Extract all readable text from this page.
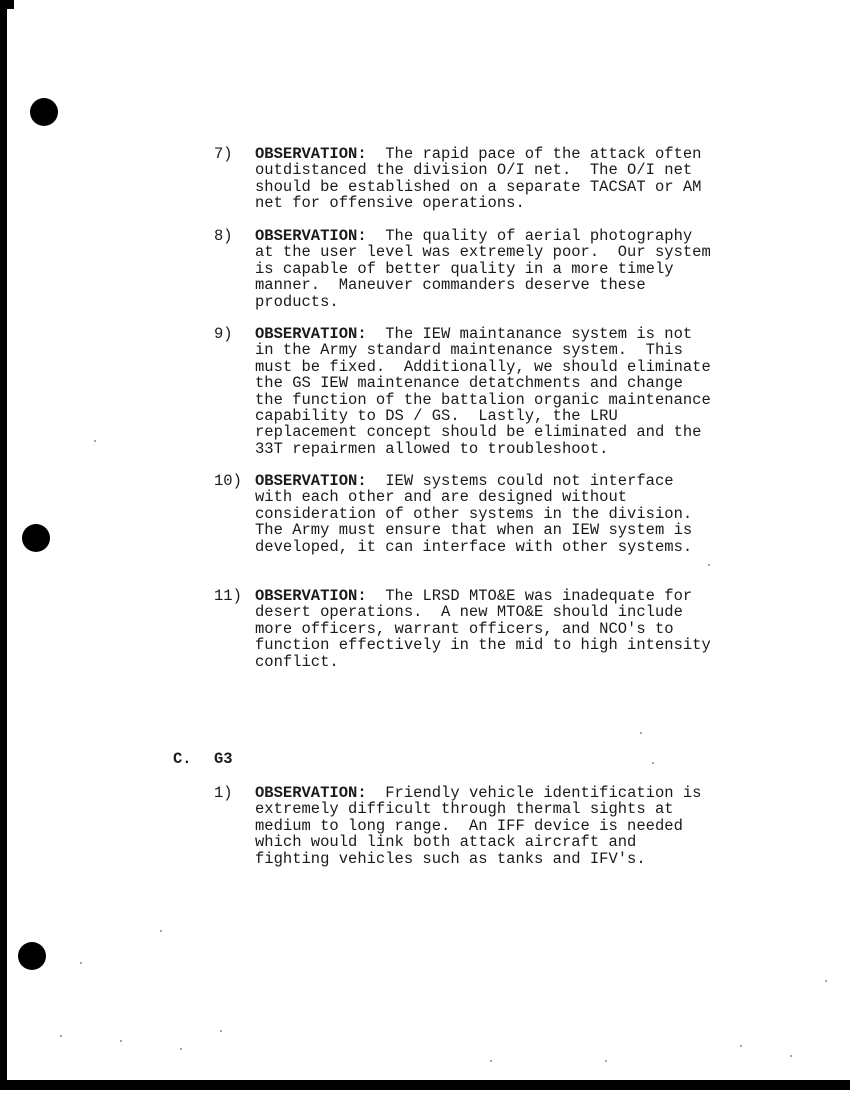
7) OBSERVATION: The rapid pace of the attack often
outdistanced the division O/I net.  The O/I net
should be established on a separate TACSAT or AM
net for offensive operations.
8) OBSERVATION: The quality of aerial photography
at the user level was extremely poor.  Our system
is capable of better quality in a more timely
manner.  Maneuver commanders deserve these
products.
9) OBSERVATION: The IEW maintanance system is not
in the Army standard maintenance system.  This
must be fixed.  Additionally, we should eliminate
the GS IEW maintenance detatchments and change
the function of the battalion organic maintenance
capability to DS / GS.  Lastly, the LRU
replacement concept should be eliminated and the
33T repairmen allowed to troubleshoot.
10) OBSERVATION: IEW systems could not interface
with each other and are designed without
consideration of other systems in the division.
The Army must ensure that when an IEW system is
developed, it can interface with other systems.
11) OBSERVATION: The LRSD MTO&E was inadequate for
desert operations.  A new MTO&E should include
more officers, warrant officers, and NCO's to
function effectively in the mid to high intensity
conflict.
C. G3
1) OBSERVATION: Friendly vehicle identification is
extremely difficult through thermal sights at
medium to long range.  An IFF device is needed
which would link both attack aircraft and
fighting vehicles such as tanks and IFV's.
